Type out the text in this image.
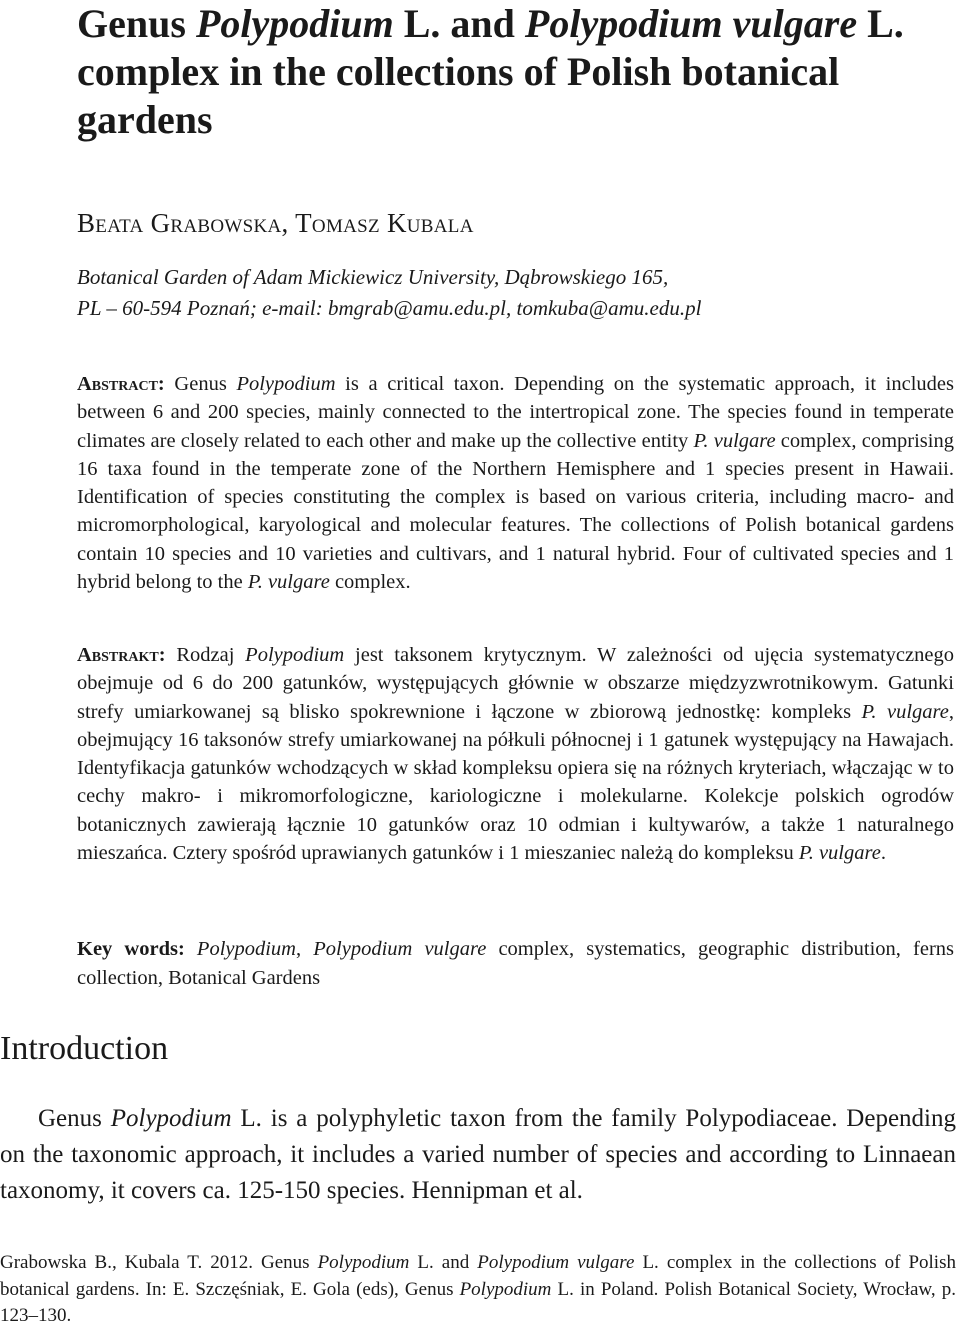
Genus Polypodium L. and Polypodium vulgare L. complex in the collections of Polish botanical gardens

Beata Grabowska, Tomasz Kubala

Botanical Garden of Adam Mickiewicz University, Dąbrowskiego 165,
PL – 60-594 Poznań; e-mail: bmgrab@amu.edu.pl, tomkuba@amu.edu.pl

Abstract: Genus Polypodium is a critical taxon. Depending on the systematic approach, it includes between 6 and 200 species, mainly connected to the intertropical zone. The species found in temperate climates are closely related to each other and make up the collective entity P. vulgare complex, comprising 16 taxa found in the temperate zone of the Northern Hemisphere and 1 species present in Hawaii. Identification of species constituting the complex is based on various criteria, including macro- and micromorphological, karyological and molecular features. The collections of Polish botanical gardens contain 10 species and 10 varieties and cultivars, and 1 natural hybrid. Four of cultivated species and 1 hybrid belong to the P. vulgare complex.

Abstrakt: Rodzaj Polypodium jest taksonem krytycznym. W zależności od ujęcia systematycznego obejmuje od 6 do 200 gatunków, występujących głównie w obszarze międzyzwrotnikowym. Gatunki strefy umiarkowanej są blisko spokrewnione i łączone w zbiorową jednostkę: kompleks P. vulgare, obejmujący 16 taksonów strefy umiarkowanej na półkuli północnej i 1 gatunek występujący na Hawajach. Identyfikacja gatunków wchodzących w skład kompleksu opiera się na różnych kryteriach, włączając w to cechy makro- i mikromorfologiczne, kariologiczne i molekularne. Kolekcje polskich ogrodów botanicznych zawierają łącznie 10 gatunków oraz 10 odmian i kultywarów, a także 1 naturalnego mieszańca. Cztery spośród uprawianych gatunków i 1 mieszaniec należą do kompleksu P. vulgare.

Key words: Polypodium, Polypodium vulgare complex, systematics, geographic distribution, ferns collection, Botanical Gardens

Introduction

Genus Polypodium L. is a polyphyletic taxon from the family Polypodiaceae. Depending on the taxonomic approach, it includes a varied number of species and according to Linnaean taxonomy, it covers ca. 125-150 species. Hennipman et al.

Grabowska B., Kubala T. 2012. Genus Polypodium L. and Polypodium vulgare L. complex in the collections of Polish botanical gardens. In: E. Szczęśniak, E. Gola (eds), Genus Polypodium L. in Poland. Polish Botanical Society, Wrocław, p. 123–130.
